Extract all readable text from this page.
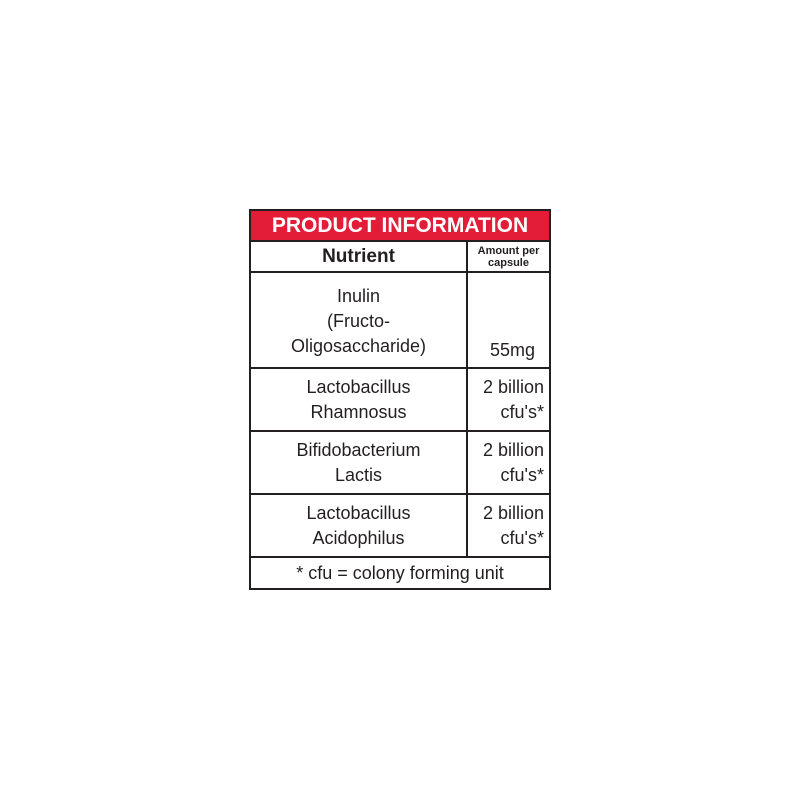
PRODUCT INFORMATION
Nutrient	Amount per
capsule
Inulin
(Fructo-
Oligosaccharide)	55mg
Lactobacillus
Rhamnosus
2 billion
cfu's*
Bifidobacterium
Lactis
2 billion
cfu's*
Lactobacillus
Acidophilus
2 billion
cfu's*
* cfu = colony forming unit
